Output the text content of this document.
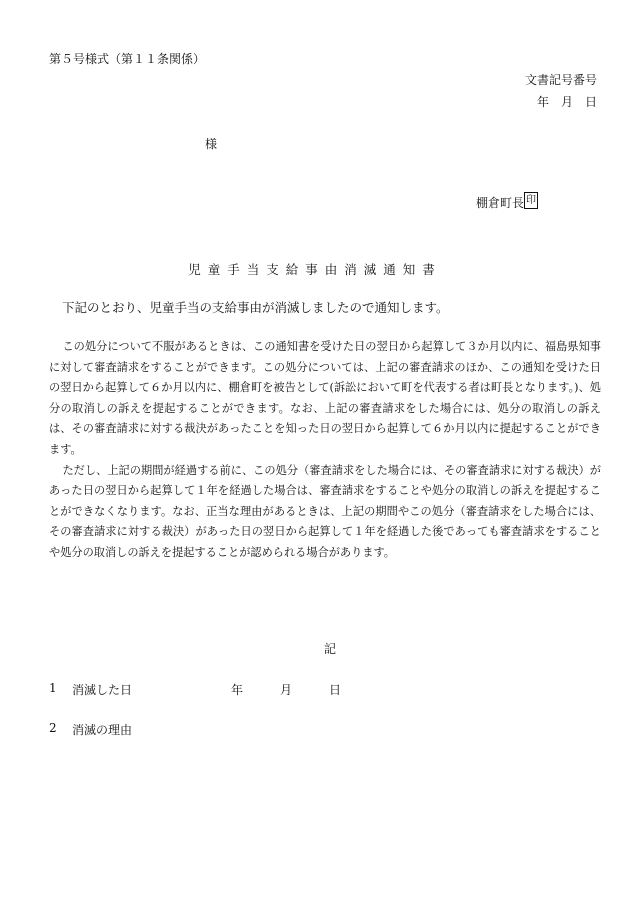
第５号様式（第１１条関係）
文書記号番号
年　月　日
様
棚倉町長 印
児童手当支給事由消滅通知書
下記のとおり、児童手当の支給事由が消滅しましたので通知します。

この処分について不服があるときは、この通知書を受けた日の翌日から起算して３か月以内に、福島県知事に対して審査請求をすることができます。この処分については、上記の審査請求のほか、この通知を受けた日の翌日から起算して６か月以内に、棚倉町を被告として(訴訟において町を代表する者は町長となります。)、処分の取消しの訴えを提起することができます。なお、上記の審査請求をした場合には、処分の取消しの訴えは、その審査請求に対する裁決があったことを知った日の翌日から起算して６か月以内に提起することができます。

ただし、上記の期間が経過する前に、この処分（審査請求をした場合には、その審査請求に対する裁決）があった日の翌日から起算して１年を経過した場合は、審査請求をすることや処分の取消しの訴えを提起することができなくなります。なお、正当な理由があるときは、上記の期間やこの処分（審査請求をした場合には、その審査請求に対する裁決）があった日の翌日から起算して１年を経過した後であっても審査請求をすることや処分の取消しの訴えを提起することが認められる場合があります。

記
1 消滅した日	年	月	日
2 消滅の理由
